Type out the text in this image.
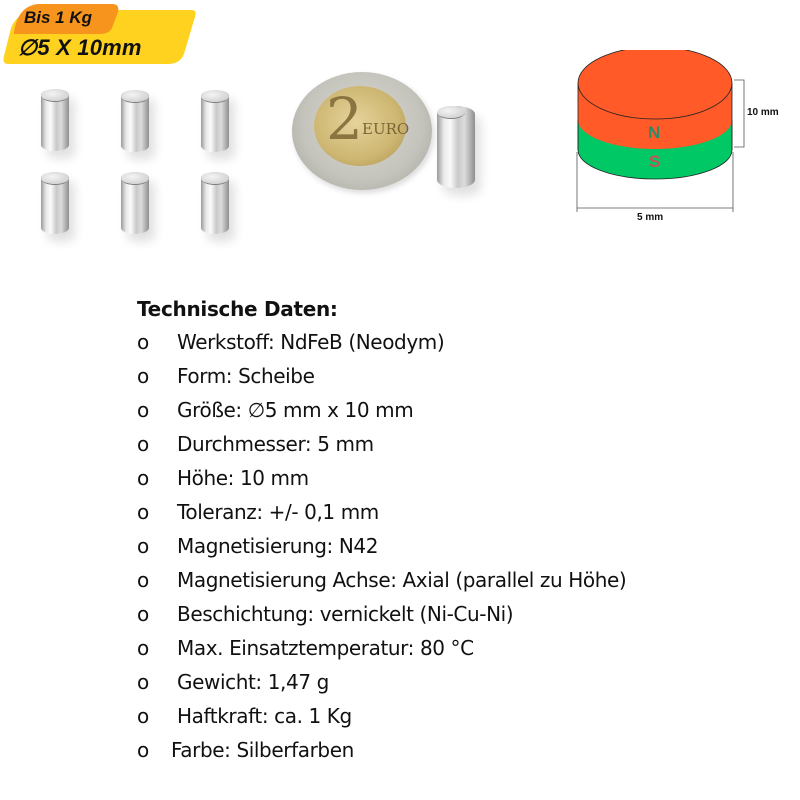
Bis 1 Kg
∅5 X 10mm
2 EURO	N
S
10 mm
5 mm
Technische Daten:
o Werkstoff: NdFeB (Neodym)
o Form: Scheibe
o Größe: ∅5 mm x 10 mm
o Durchmesser: 5 mm
o Höhe: 10 mm
o Toleranz: +/- 0,1 mm
o Magnetisierung: N42
o Magnetisierung Achse: Axial (parallel zu Höhe)
o Beschichtung: vernickelt (Ni-Cu-Ni)
o Max. Einsatztemperatur: 80 °C
o Gewicht: 1,47 g
o Haftkraft: ca. 1 Kg
o Farbe: Silberfarben
